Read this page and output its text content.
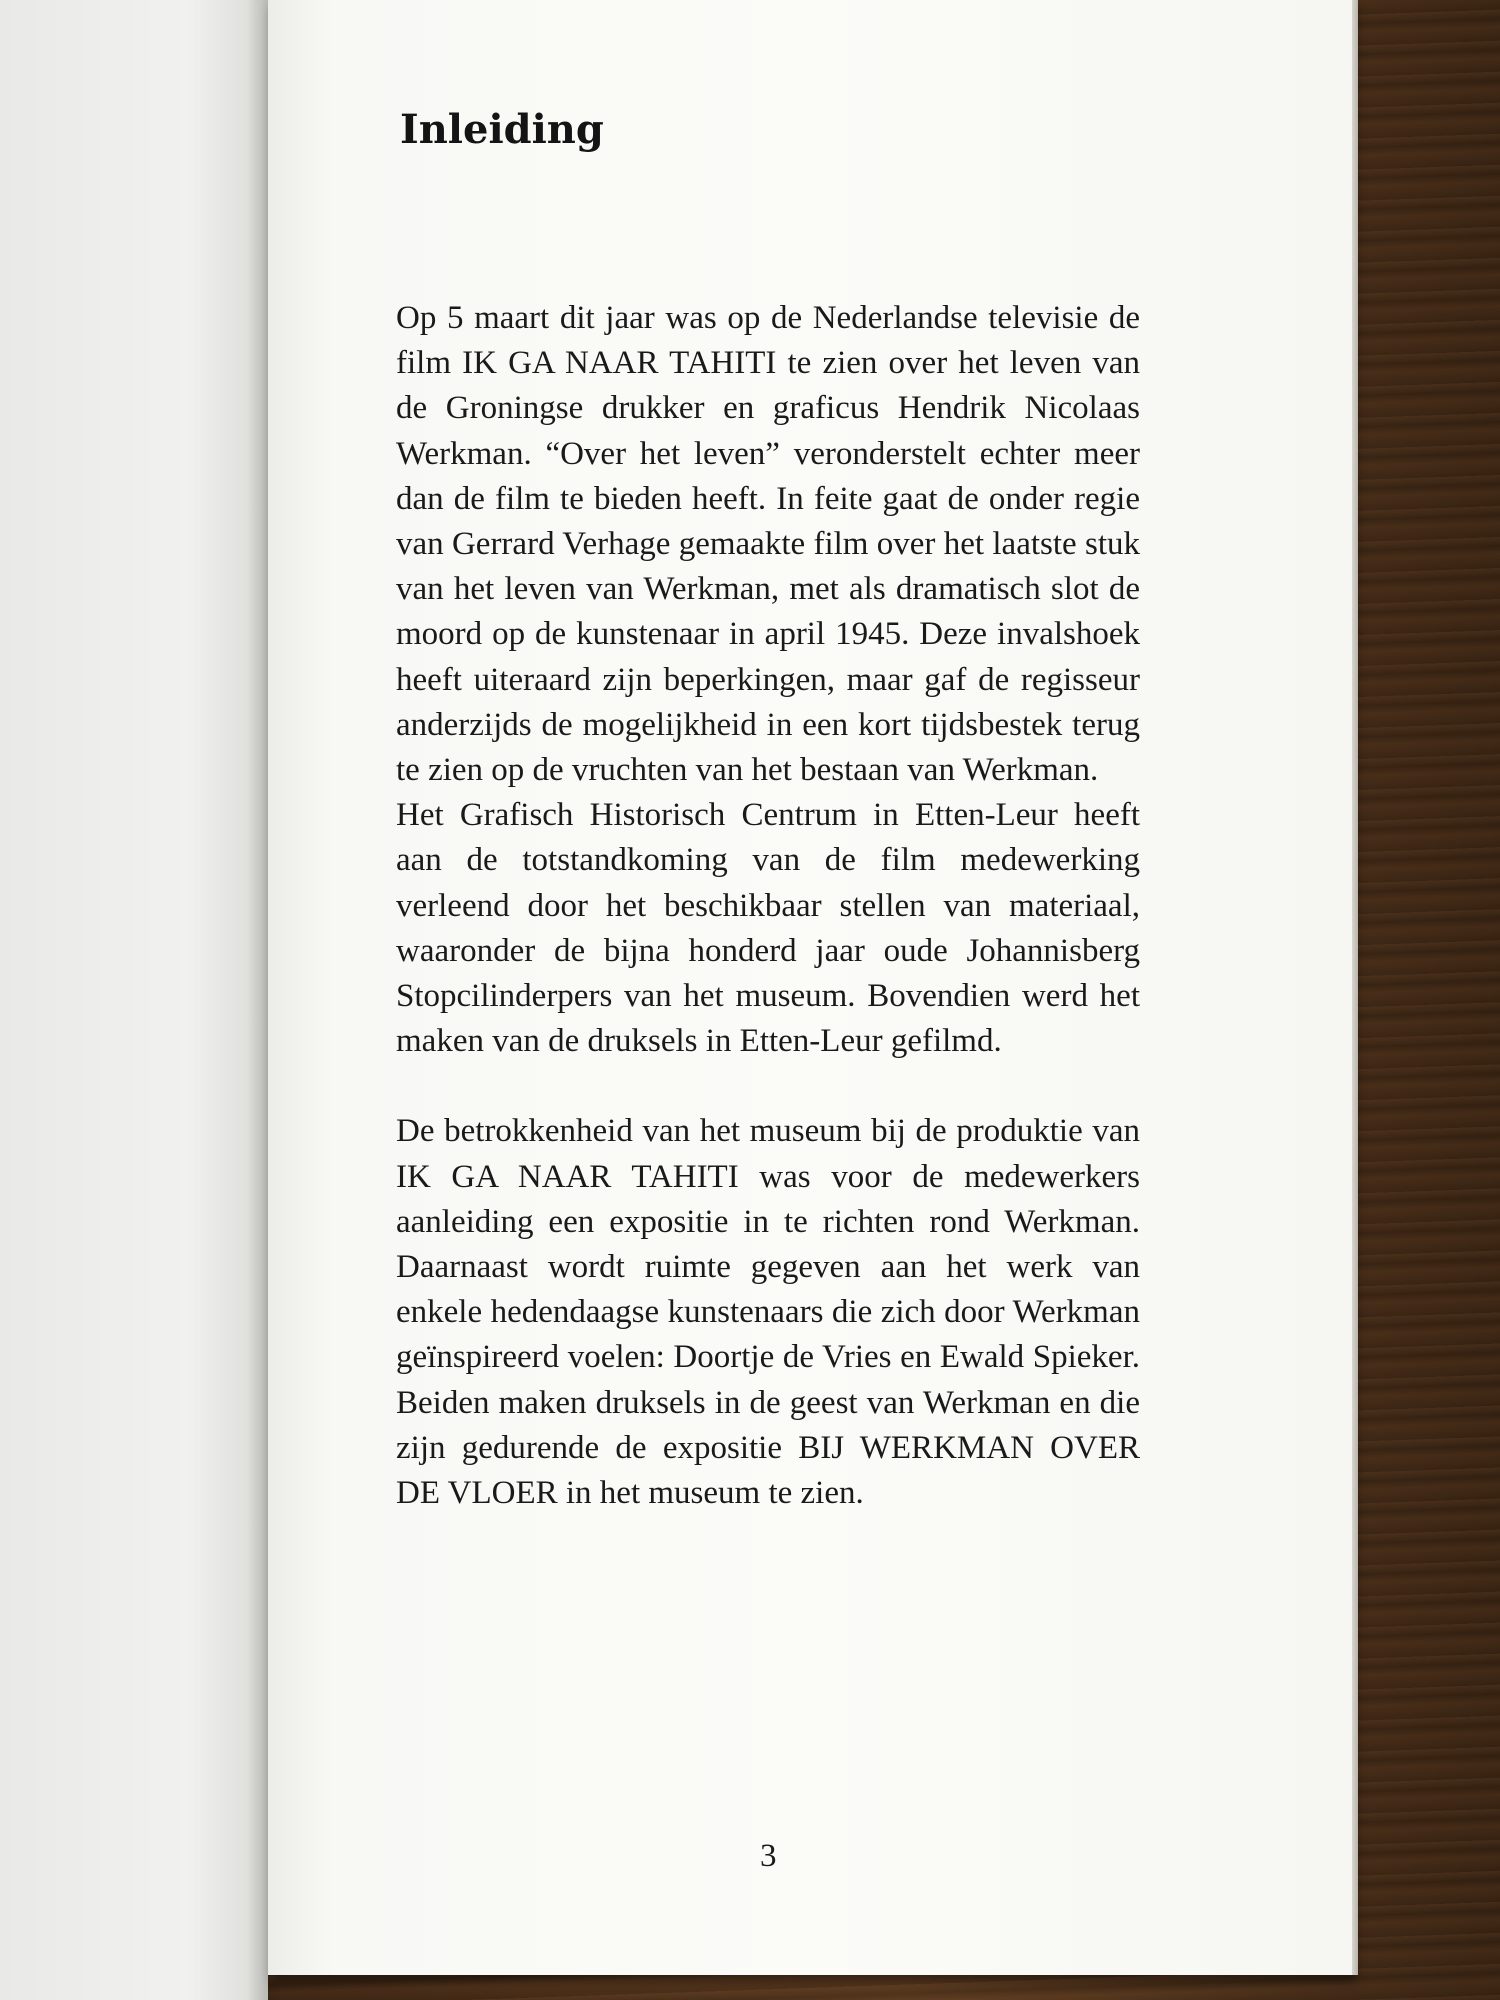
Inleiding

Op 5 maart dit jaar was op de Nederlandse televisie de film IK GA NAAR TAHITI te zien over het leven van de Groningse drukker en graficus Hendrik Nicolaas Werkman. “Over het leven” veronderstelt echter meer dan de film te bieden heeft. In feite gaat de onder regie van Gerrard Verhage gemaakte film over het laatste stuk van het leven van Werkman, met als dramatisch slot de moord op de kunstenaar in april 1945. Deze invalshoek heeft uiteraard zijn beperkingen, maar gaf de regisseur anderzijds de mogelijkheid in een kort tijdsbestek terug te zien op de vruchten van het bestaan van Werkman.

Het Grafisch Historisch Centrum in Etten-Leur heeft aan de totstandkoming van de film medewerking verleend door het beschikbaar stellen van materiaal, waaronder de bijna honderd jaar oude Johannisberg Stopcilinderpers van het museum. Bovendien werd het maken van de druksels in Etten-Leur gefilmd.

De betrokkenheid van het museum bij de produktie van IK GA NAAR TAHITI was voor de medewerkers aanleiding een expositie in te richten rond Werkman. Daarnaast wordt ruimte gegeven aan het werk van enkele hedendaagse kunstenaars die zich door Werkman geïnspireerd voelen: Doortje de Vries en Ewald Spieker. Beiden maken druksels in de geest van Werkman en die zijn gedurende de expositie BIJ WERKMAN OVER DE VLOER in het museum te zien.

3
